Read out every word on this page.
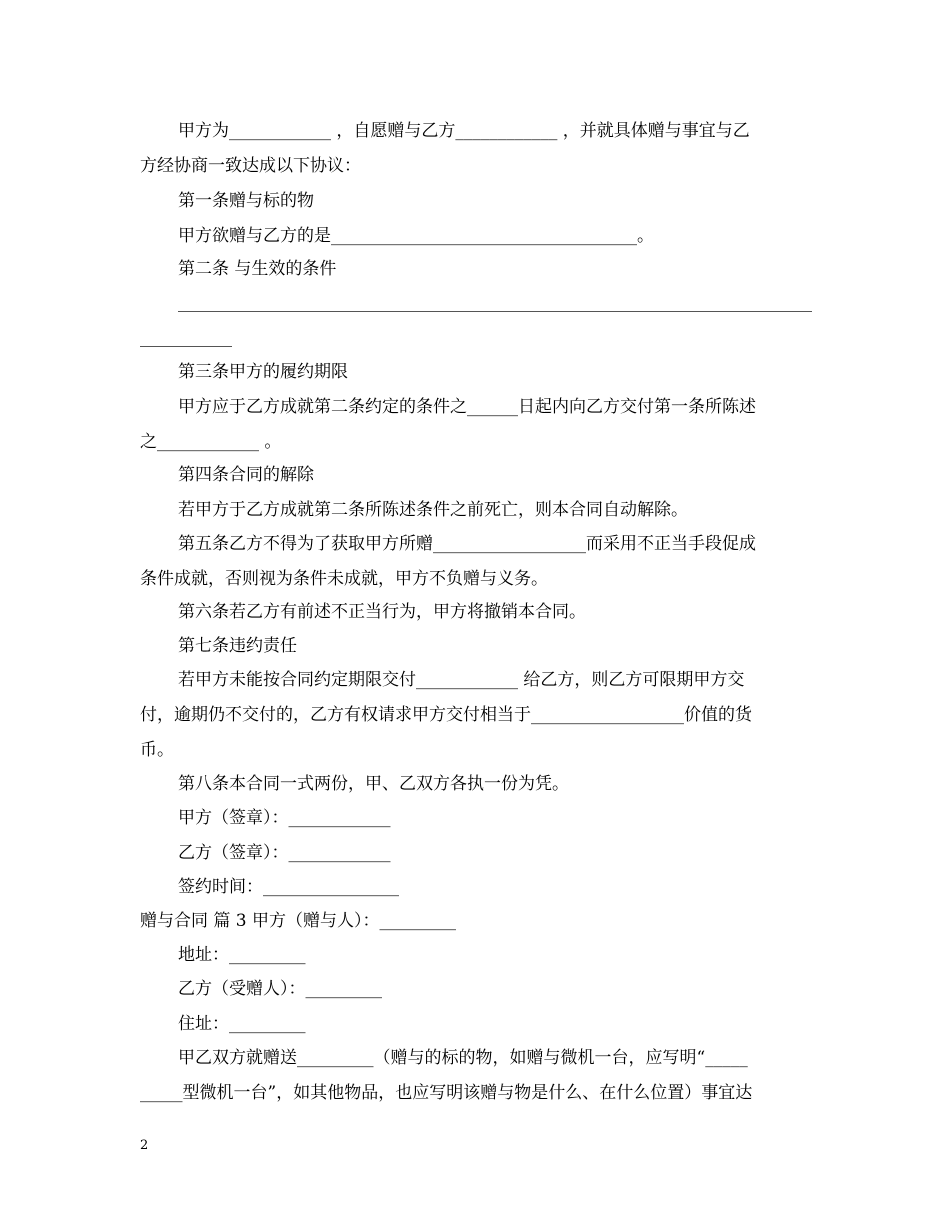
甲方为____________ ，自愿赠与乙方____________ ，并就具体赠与事宜与乙
方经协商一致达成以下协议：
第一条赠与标的物
甲方欲赠与乙方的是____________________________________。
第二条 与生效的条件
第三条甲方的履约期限
甲方应于乙方成就第二条约定的条件之______日起内向乙方交付第一条所陈述
之____________ 。
第四条合同的解除
若甲方于乙方成就第二条所陈述条件之前死亡，则本合同自动解除。
第五条乙方不得为了获取甲方所赠__________________而采用不正当手段促成
条件成就，否则视为条件未成就，甲方不负赠与义务。
第六条若乙方有前述不正当行为，甲方将撤销本合同。
第七条违约责任
若甲方未能按合同约定期限交付____________ 给乙方，则乙方可限期甲方交
付，逾期仍不交付的，乙方有权请求甲方交付相当于__________________价值的货
币。
第八条本合同一式两份，甲、乙双方各执一份为凭。
甲方（签章）：____________
乙方（签章）：____________
签约时间：________________
赠与合同 篇 3 甲方（赠与人）：_________
地址：_________
乙方（受赠人）：_________
住址：_________
甲乙双方就赠送_________（赠与的标的物，如赠与微机一台，应写明“_____
_____型微机一台”，如其他物品，也应写明该赠与物是什么、在什么位置）事宜达
2
